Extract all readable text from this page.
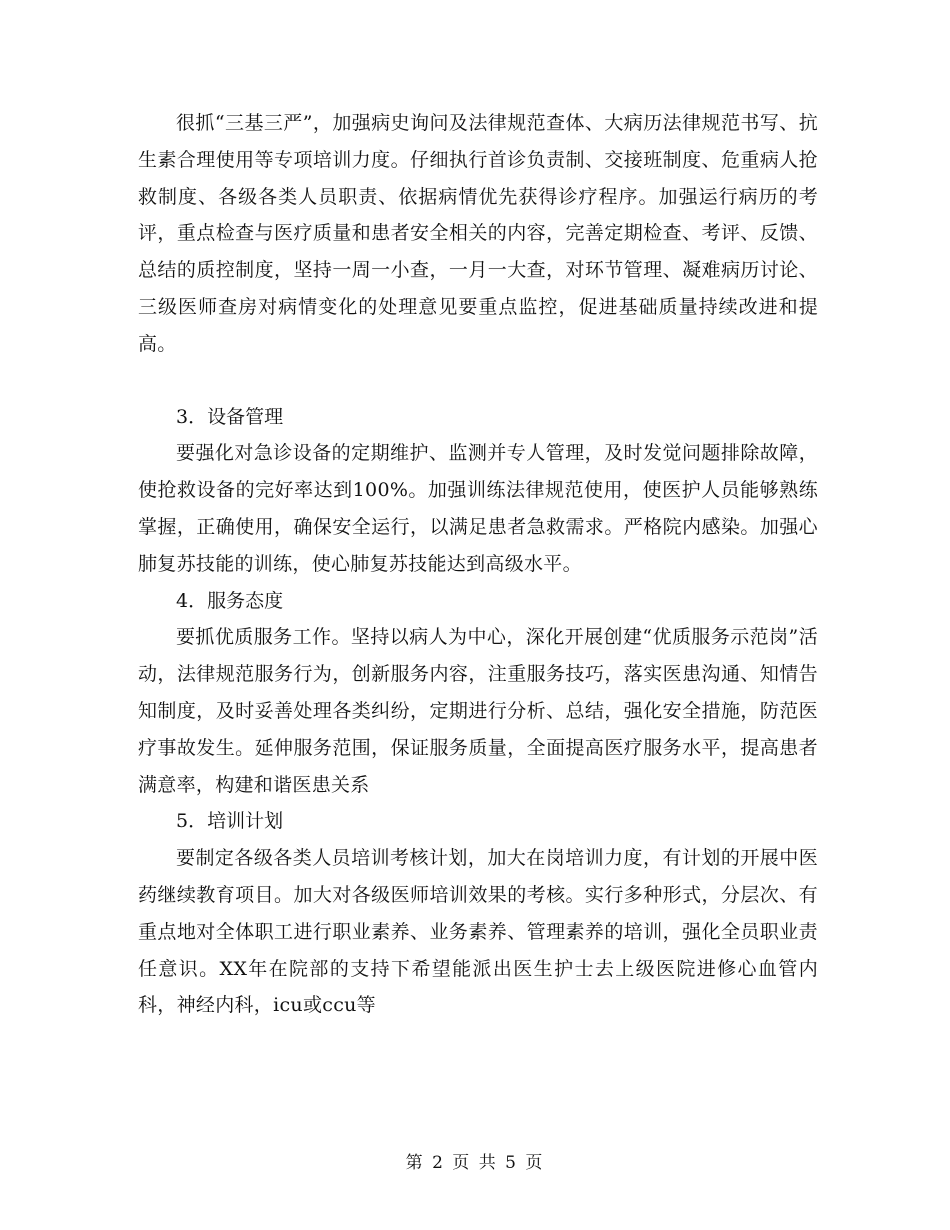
很抓“三基三严”，加强病史询问及法律规范查体、大病历法律规范书写、抗生素合理使用等专项培训力度。仔细执行首诊负责制、交接班制度、危重病人抢救制度、各级各类人员职责、依据病情优先获得诊疗程序。加强运行病历的考评，重点检查与医疗质量和患者安全相关的内容，完善定期检查、考评、反馈、总结的质控制度，坚持一周一小查，一月一大查，对环节管理、凝难病历讨论、三级医师查房对病情变化的处理意见要重点监控，促进基础质量持续改进和提高。

3．设备管理

要强化对急诊设备的定期维护、监测并专人管理，及时发觉问题排除故障，使抢救设备的完好率达到100%。加强训练法律规范使用，使医护人员能够熟练掌握，正确使用，确保安全运行，以满足患者急救需求。严格院内感染。加强心肺复苏技能的训练，使心肺复苏技能达到高级水平。

4．服务态度

要抓优质服务工作。坚持以病人为中心，深化开展创建“优质服务示范岗”活动，法律规范服务行为，创新服务内容，注重服务技巧，落实医患沟通、知情告知制度，及时妥善处理各类纠纷，定期进行分析、总结，强化安全措施，防范医疗事故发生。延伸服务范围，保证服务质量，全面提高医疗服务水平，提高患者满意率，构建和谐医患关系

5．培训计划

要制定各级各类人员培训考核计划，加大在岗培训力度，有计划的开展中医药继续教育项目。加大对各级医师培训效果的考核。实行多种形式，分层次、有重点地对全体职工进行职业素养、业务素养、管理素养的培训，强化全员职业责任意识。XX年在院部的支持下希望能派出医生护士去上级医院进修心血管内科，神经内科，icu或ccu等

第 2 页 共 5 页
